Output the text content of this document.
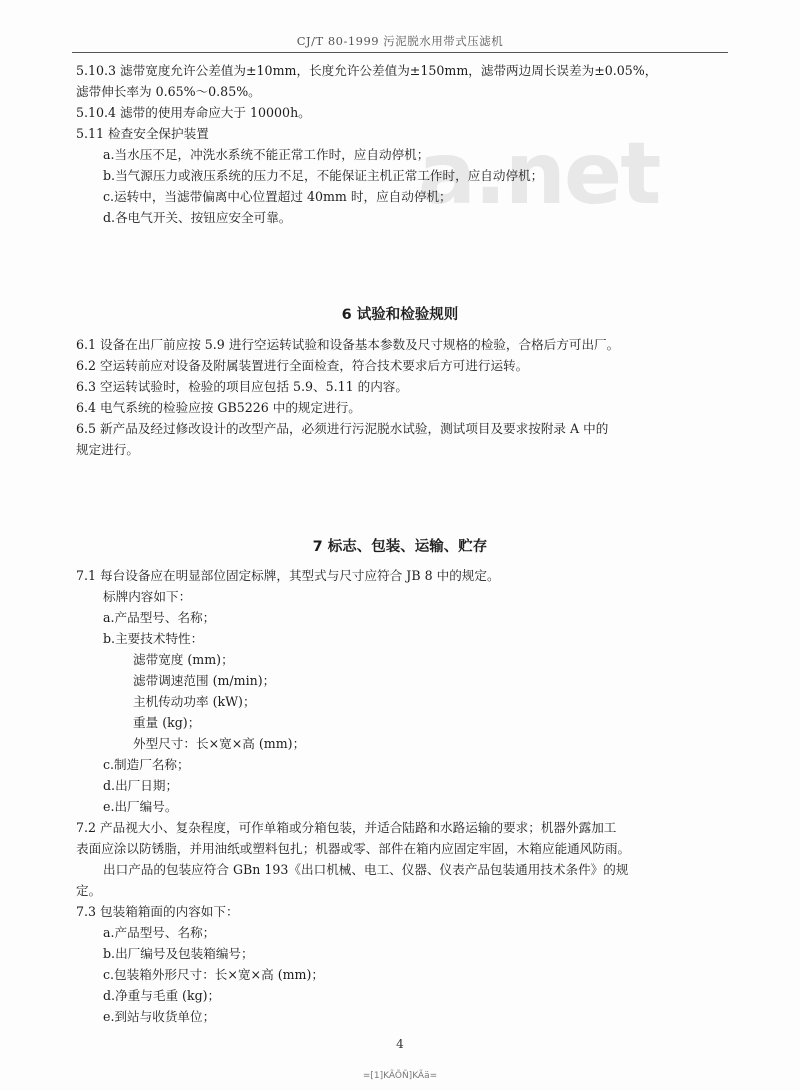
CJ/T 80-1999 污泥脱水用带式压滤机
a.net
5.10.3 滤带宽度允许公差值为±10mm，长度允许公差值为±150mm，滤带两边周长误差为±0.05%，
滤带伸长率为 0.65%～0.85%。
5.10.4 滤带的使用寿命应大于 10000h。
5.11 检查安全保护装置
a.当水压不足，冲洗水系统不能正常工作时，应自动停机；
b.当气源压力或液压系统的压力不足，不能保证主机正常工作时，应自动停机；
c.运转中，当滤带偏离中心位置超过 40mm 时，应自动停机；
d.各电气开关、按钮应安全可靠。
6 试验和检验规则
6.1 设备在出厂前应按 5.9 进行空运转试验和设备基本参数及尺寸规格的检验，合格后方可出厂。
6.2 空运转前应对设备及附属装置进行全面检查，符合技术要求后方可进行运转。
6.3 空运转试验时，检验的项目应包括 5.9、5.11 的内容。
6.4 电气系统的检验应按 GB5226 中的规定进行。
6.5 新产品及经过修改设计的改型产品，必须进行污泥脱水试验，测试项目及要求按附录 A 中的
规定进行。
7 标志、包装、运输、贮存
7.1 每台设备应在明显部位固定标牌，其型式与尺寸应符合 JB 8 中的规定。
标牌内容如下：
a.产品型号、名称；
b.主要技术特性：
滤带宽度 (mm)；
滤带调速范围 (m/min)；
主机传动功率 (kW)；
重量 (kg)；
外型尺寸：长×宽×高 (mm)；
c.制造厂名称；
d.出厂日期；
e.出厂编号。
7.2 产品视大小、复杂程度，可作单箱或分箱包装，并适合陆路和水路运输的要求；机器外露加工
表面应涂以防锈脂，并用油纸或塑料包扎；机器或零、部件在箱内应固定牢固，木箱应能通风防雨。
出口产品的包装应符合 GBn 193《出口机械、电工、仪器、仪表产品包装通用技术条件》的规
定。
7.3 包装箱箱面的内容如下：
a.产品型号、名称；
b.出厂编号及包装箱编号；
c.包装箱外形尺寸：长×宽×高 (mm)；
d.净重与毛重 (kg)；
e.到站与收货单位；
4
=[1]KÃÕÑ]KÃä=
